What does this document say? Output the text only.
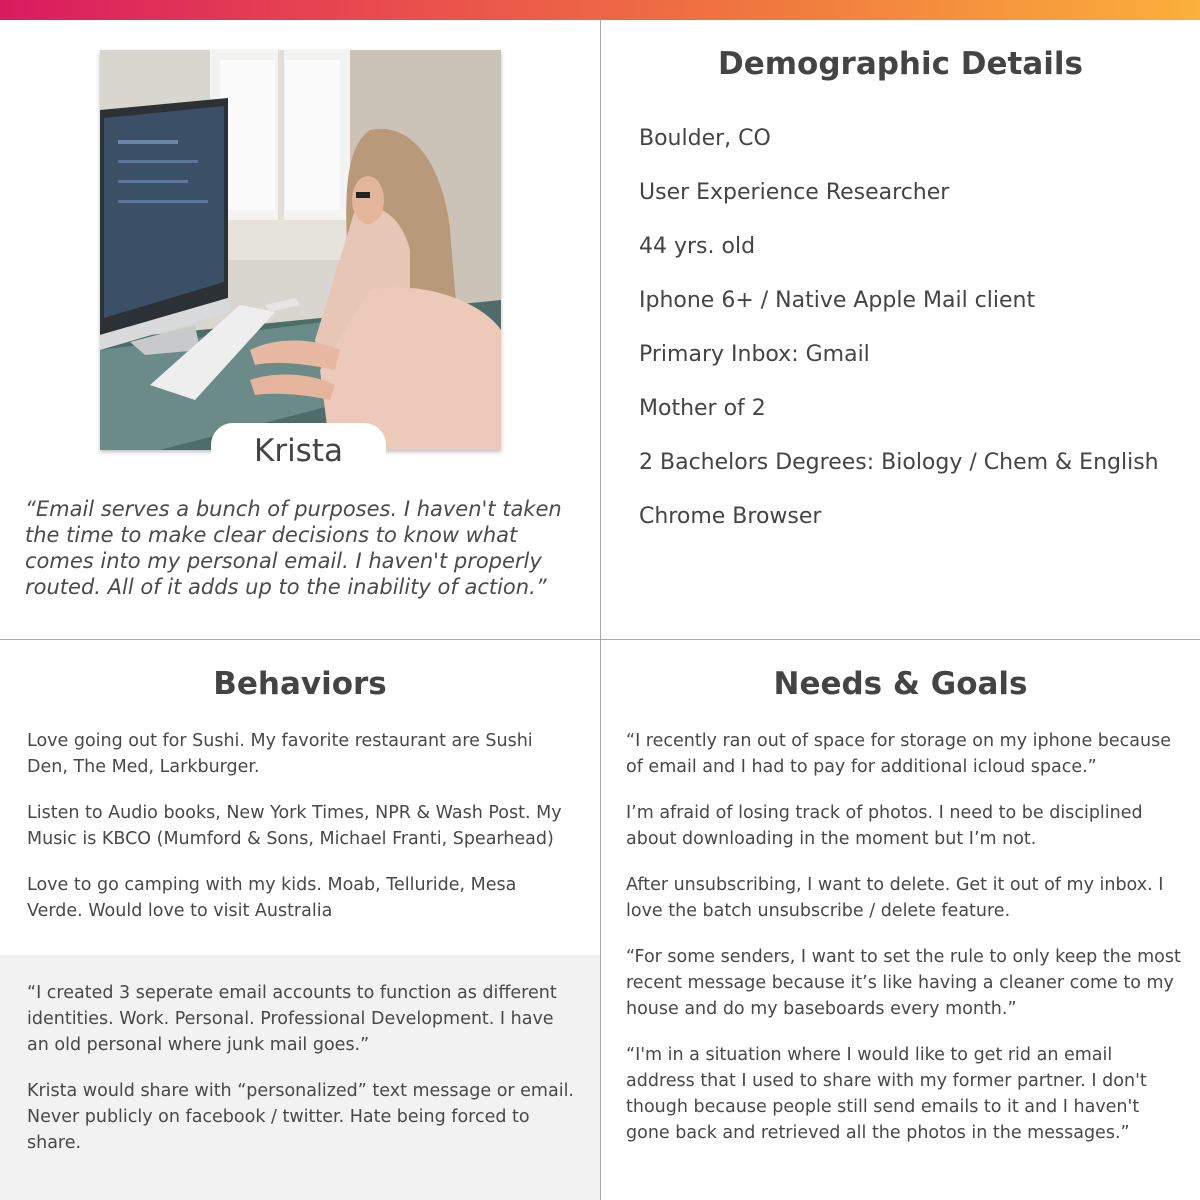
Krista

“Email serves a bunch of purposes. I haven't taken the time to make clear decisions to know what comes into my personal email. I haven't properly routed. All of it adds up to the inability of action.”

Demographic Details
Boulder, CO
User Experience Researcher
44 yrs. old
Iphone 6+ / Native Apple Mail client
Primary Inbox: Gmail
Mother of 2
2 Bachelors Degrees: Biology / Chem & English
Chrome Browser
Behaviors
Love going out for Sushi. My favorite restaurant are Sushi Den, The Med, Larkburger.
Listen to Audio books, New York Times, NPR & Wash Post. My Music is KBCO (Mumford & Sons, Michael Franti, Spearhead)
Love to go camping with my kids. Moab, Telluride, Mesa Verde. Would love to visit Australia
“I created 3 seperate email accounts to function as different identities. Work. Personal. Professional Development. I have an old personal where junk mail goes.”
Krista would share with “personalized” text message or email. Never publicly on facebook / twitter. Hate being forced to share.
Needs & Goals
“I recently ran out of space for storage on my iphone because of email and I had to pay for additional icloud space.”
I’m afraid of losing track of photos. I need to be disciplined about downloading in the moment but I’m not.
After unsubscribing, I want to delete. Get it out of my inbox. I love the batch unsubscribe / delete feature.
“For some senders, I want to set the rule to only keep the most recent message because it’s like having a cleaner come to my house and do my baseboards every month.”
“I'm in a situation where I would like to get rid an email address that I used to share with my former partner. I don't though because people still send emails to it and I haven't gone back and retrieved all the photos in the messages.”
